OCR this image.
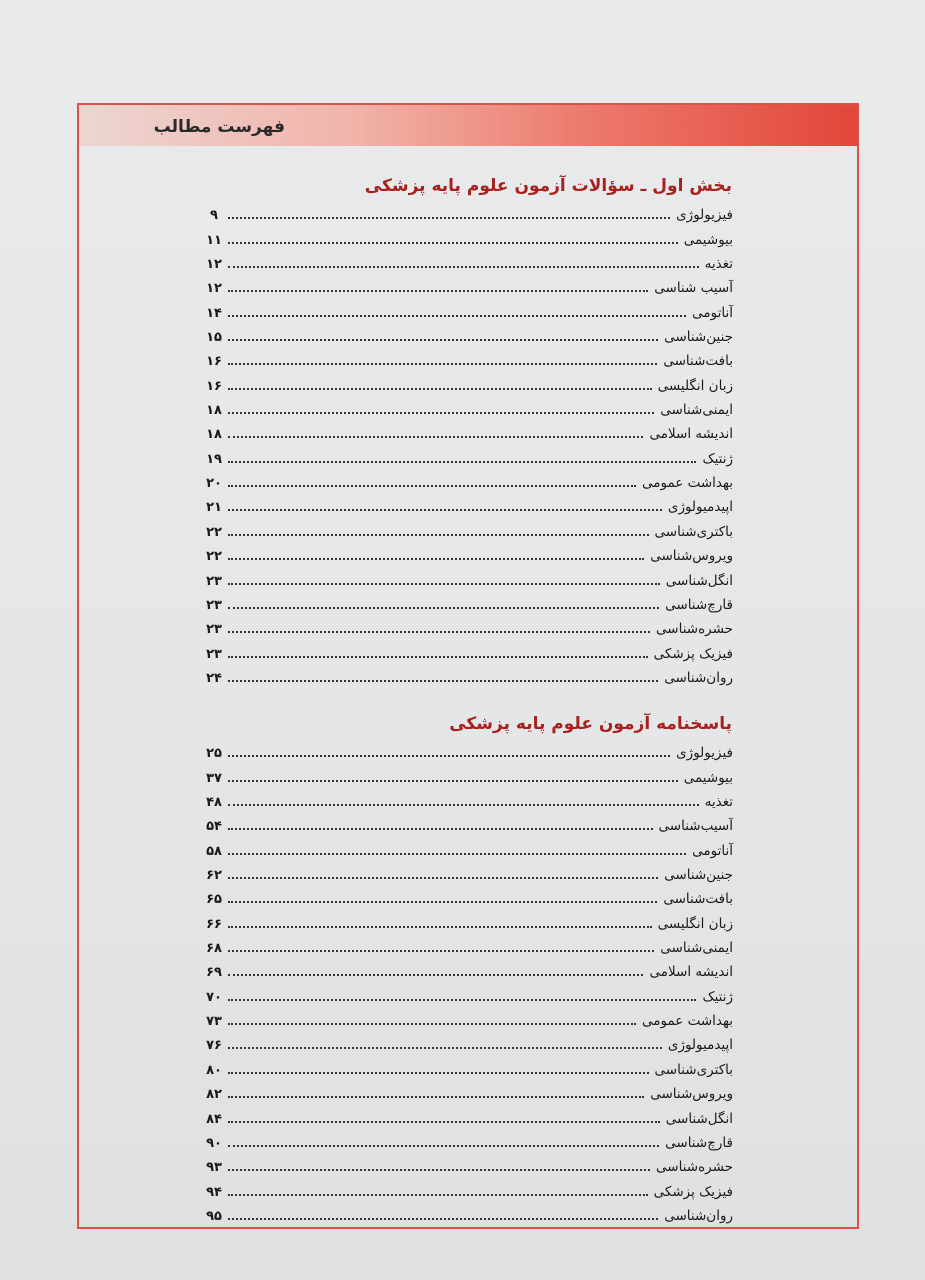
فهرست مطالب
بخش اول ـ سؤالات آزمون علوم پایه پزشکی
فیزیولوژی
۹
بیوشیمی
۱۱
تغذیه
۱۲
آسیب شناسی
۱۲
آناتومی
۱۴
جنین‌شناسی
۱۵
بافت‌شناسی
۱۶
زبان انگلیسی
۱۶
ایمنی‌شناسی
۱۸
اندیشه اسلامی
۱۸
ژنتیک
۱۹
بهداشت عمومی
۲۰
اپیدمیولوژی
۲۱
باکتری‌شناسی
۲۲
ویروس‌شناسی
۲۲
انگل‌شناسی
۲۳
قارچ‌شناسی
۲۳
حشره‌شناسی
۲۳
فیزیک پزشکی
۲۳
روان‌شناسی
۲۴
پاسخنامه آزمون علوم پایه پزشکی
فیزیولوژی
۲۵
بیوشیمی
۳۷
تغذیه
۴۸
آسیب‌شناسی
۵۴
آناتومی
۵۸
جنین‌شناسی
۶۲
بافت‌شناسی
۶۵
زبان انگلیسی
۶۶
ایمنی‌شناسی
۶۸
اندیشه اسلامی
۶۹
ژنتیک
۷۰
بهداشت عمومی
۷۳
اپیدمیولوژی
۷۶
باکتری‌شناسی
۸۰
ویروس‌شناسی
۸۲
انگل‌شناسی
۸۴
قارچ‌شناسی
۹۰
حشره‌شناسی
۹۳
فیزیک پزشکی
۹۴
روان‌شناسی
۹۵
